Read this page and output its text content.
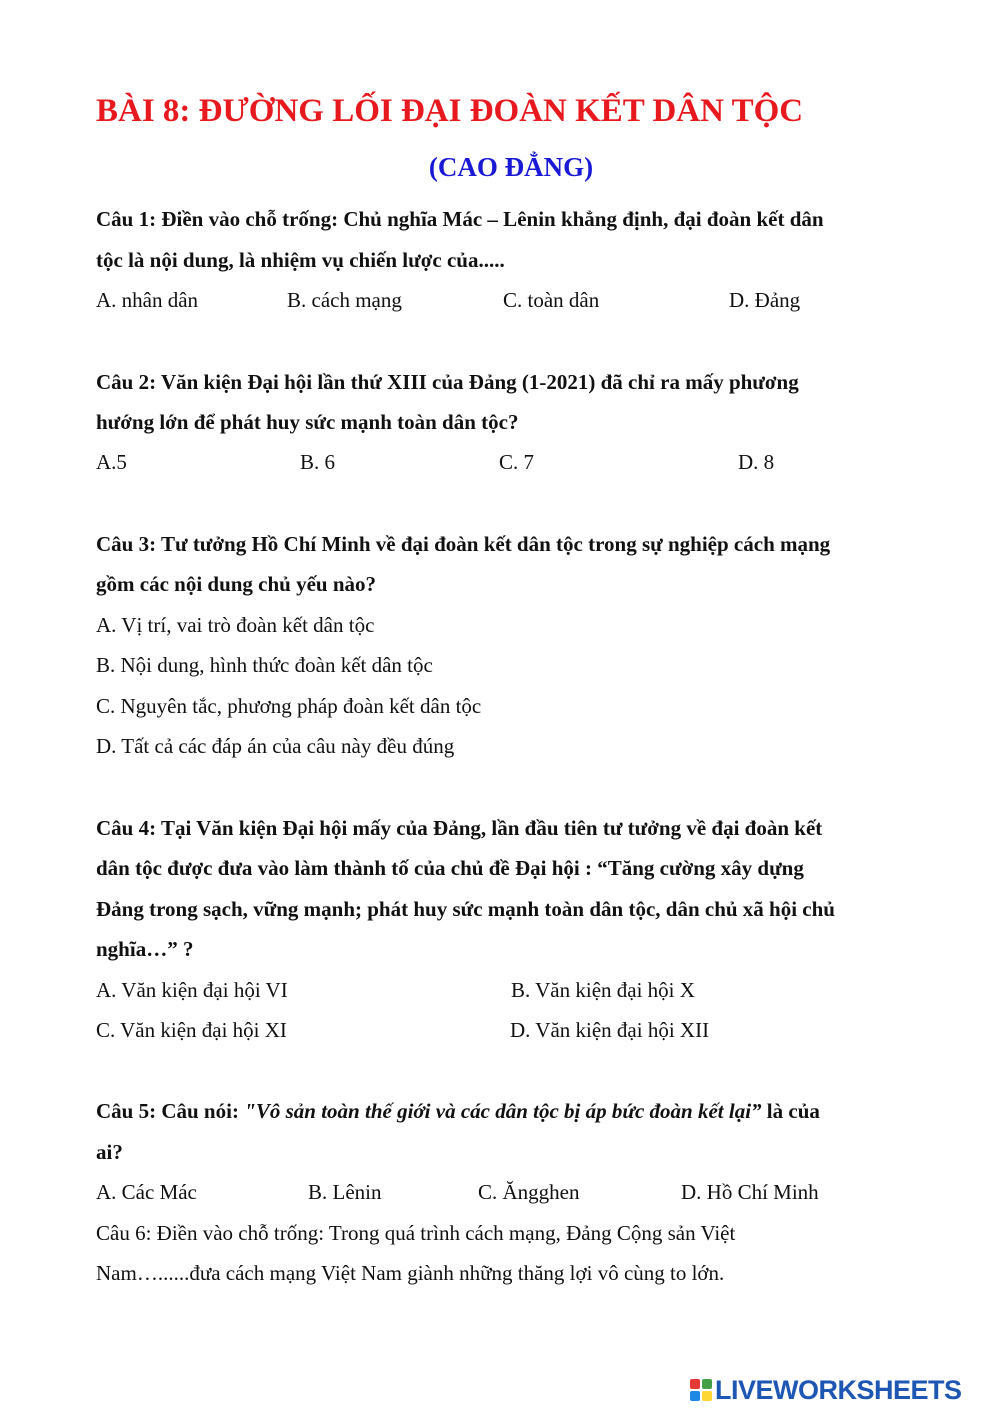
BÀI 8: ĐƯỜNG LỐI ĐẠI ĐOÀN KẾT DÂN TỘC
(CAO ĐẲNG)
Câu 1: Điền vào chỗ trống: Chủ nghĩa Mác – Lênin khẳng định, đại đoàn kết dân
tộc là nội dung, là nhiệm vụ chiến lược của.....
A. nhân dân	B. cách mạng	C. toàn dân	D. Đảng
Câu 2: Văn kiện Đại hội lần thứ XIII của Đảng (1-2021) đã chỉ ra mấy phương
hướng lớn để phát huy sức mạnh toàn dân tộc?
A.5	B. 6	C. 7	D. 8
Câu 3: Tư tưởng Hồ Chí Minh về đại đoàn kết dân tộc trong sự nghiệp cách mạng
gồm các nội dung chủ yếu nào?
A. Vị trí, vai trò đoàn kết dân tộc
B. Nội dung, hình thức đoàn kết dân tộc
C. Nguyên tắc, phương pháp đoàn kết dân tộc
D. Tất cả các đáp án của câu này đều đúng
Câu 4: Tại Văn kiện Đại hội mấy của Đảng, lần đầu tiên tư tưởng về đại đoàn kết
dân tộc được đưa vào làm thành tố của chủ đề Đại hội : “Tăng cường xây dựng
Đảng trong sạch, vững mạnh; phát huy sức mạnh toàn dân tộc, dân chủ xã hội chủ
nghĩa…” ?
A. Văn kiện đại hội VI	B. Văn kiện đại hội X
C. Văn kiện đại hội XI	D. Văn kiện đại hội XII
Câu 5: Câu nói: "Vô sản toàn thế giới và các dân tộc bị áp bức đoàn kết lại” là của
ai?
A. Các Mác	B. Lênin	C. Ăngghen	D. Hồ Chí Minh
Câu 6: Điền vào chỗ trống: Trong quá trình cách mạng, Đảng Cộng sản Việt
Nam…......đưa cách mạng Việt Nam giành những thăng lợi vô cùng to lớn.
LIVEWORKSHEETS
